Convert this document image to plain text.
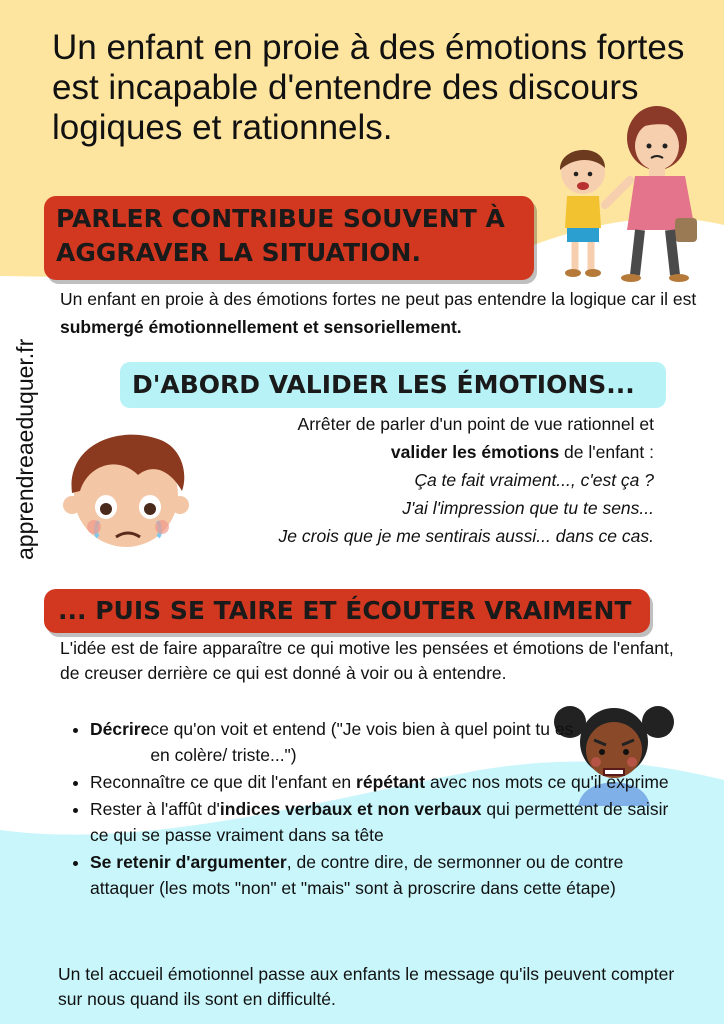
Un enfant en proie à des émotions fortes est incapable d'entendre des discours logiques et rationnels.
apprendreaeduquer.fr
PARLER CONTRIBUE SOUVENT À AGGRAVER LA SITUATION.

Un enfant en proie à des émotions fortes ne peut pas entendre la logique car il est submergé émotionnellement et sensoriellement.

D'ABORD VALIDER LES ÉMOTIONS...

Arrêter de parler d'un point de vue rationnel et
valider les émotions de l'enfant :
Ça te fait vraiment..., c'est ça ?
J'ai l'impression que tu te sens...
Je crois que je me sentirais aussi... dans ce cas.

... PUIS SE TAIRE ET ÉCOUTER VRAIMENT

L'idée est de faire apparaître ce qui motive les pensées et émotions de l'enfant, de creuser derrière ce qui est donné à voir ou à entendre.

• Décrirece qu'on voit et entend ("Je vois bien à quel point tu es en colère/ triste...")
• Reconnaître ce que dit l'enfant en répétant avec nos mots ce qu'il exprime
• Rester à l'affût d'indices verbaux et non verbaux qui permettent de saisir ce qui se passe vraiment dans sa tête
• Se retenir d'argumenter, de contre dire, de sermonner ou de contre attaquer (les mots "non" et "mais" sont à proscrire dans cette étape)

Un tel accueil émotionnel passe aux enfants le message qu'ils peuvent compter sur nous quand ils sont en difficulté.
